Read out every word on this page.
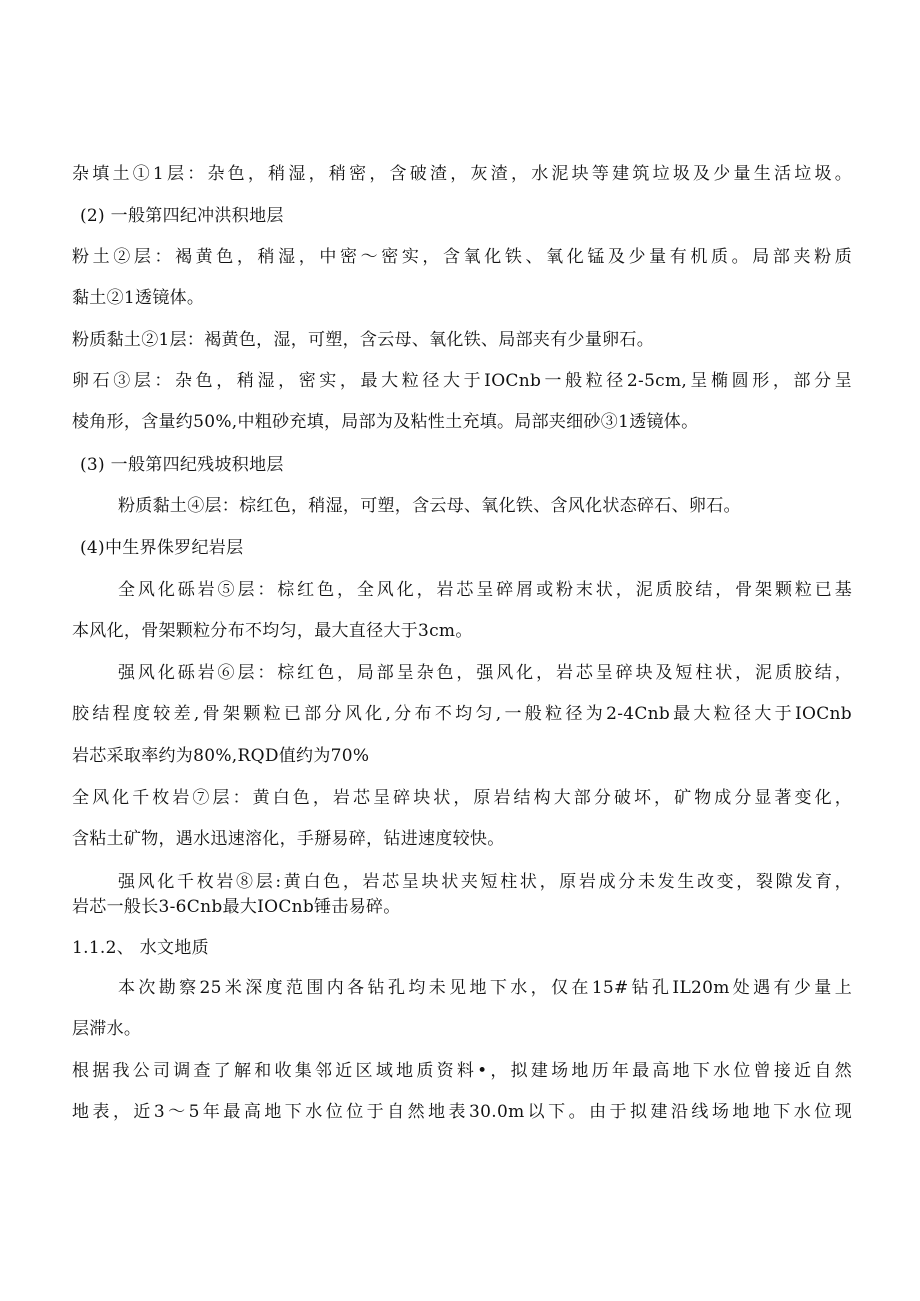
杂填土①1层：杂色，稍湿，稍密，含破渣，灰渣，水泥块等建筑垃圾及少量生活垃圾。
(2) 一般第四纪冲洪积地层
粉土②层：褐黄色，稍湿，中密～密实，含氧化铁、氧化锰及少量有机质。局部夹粉质
黏土②1透镜体。
粉质黏土②1层：褐黄色，湿，可塑，含云母、氧化铁、局部夹有少量卵石。
卵石③层：杂色，稍湿，密实，最大粒径大于IOCnb一般粒径2-5cm,呈椭圆形，部分呈
棱角形，含量约50%,中粗砂充填，局部为及粘性土充填。局部夹细砂③1透镜体。
(3) 一般第四纪残坡积地层
粉质黏土④层：棕红色，稍湿，可塑，含云母、氧化铁、含风化状态碎石、卵石。
(4)中生界侏罗纪岩层
全风化砾岩⑤层：棕红色，全风化，岩芯呈碎屑或粉末状，泥质胶结，骨架颗粒已基
本风化，骨架颗粒分布不均匀，最大直径大于3cm。
强风化砾岩⑥层：棕红色，局部呈杂色，强风化，岩芯呈碎块及短柱状，泥质胶结，
胶结程度较差,骨架颗粒已部分风化,分布不均匀,一般粒径为2-4Cnb最大粒径大于IOCnb
岩芯采取率约为80%,RQD值约为70%
全风化千枚岩⑦层：黄白色，岩芯呈碎块状，原岩结构大部分破坏，矿物成分显著变化，
含粘土矿物，遇水迅速溶化，手掰易碎，钻进速度较快。
强风化千枚岩⑧层:黄白色，岩芯呈块状夹短柱状，原岩成分未发生改变，裂隙发育，
岩芯一般长3-6Cnb最大IOCnb锤击易碎。
1.1.2、 水文地质
本次勘察25米深度范围内各钻孔均未见地下水，仅在15#钻孔IL20m处遇有少量上
层滞水。
根据我公司调查了解和收集邻近区域地质资料•，拟建场地历年最高地下水位曾接近自然
地表，近3～5年最高地下水位位于自然地表30.0m以下。由于拟建沿线场地地下水位现
